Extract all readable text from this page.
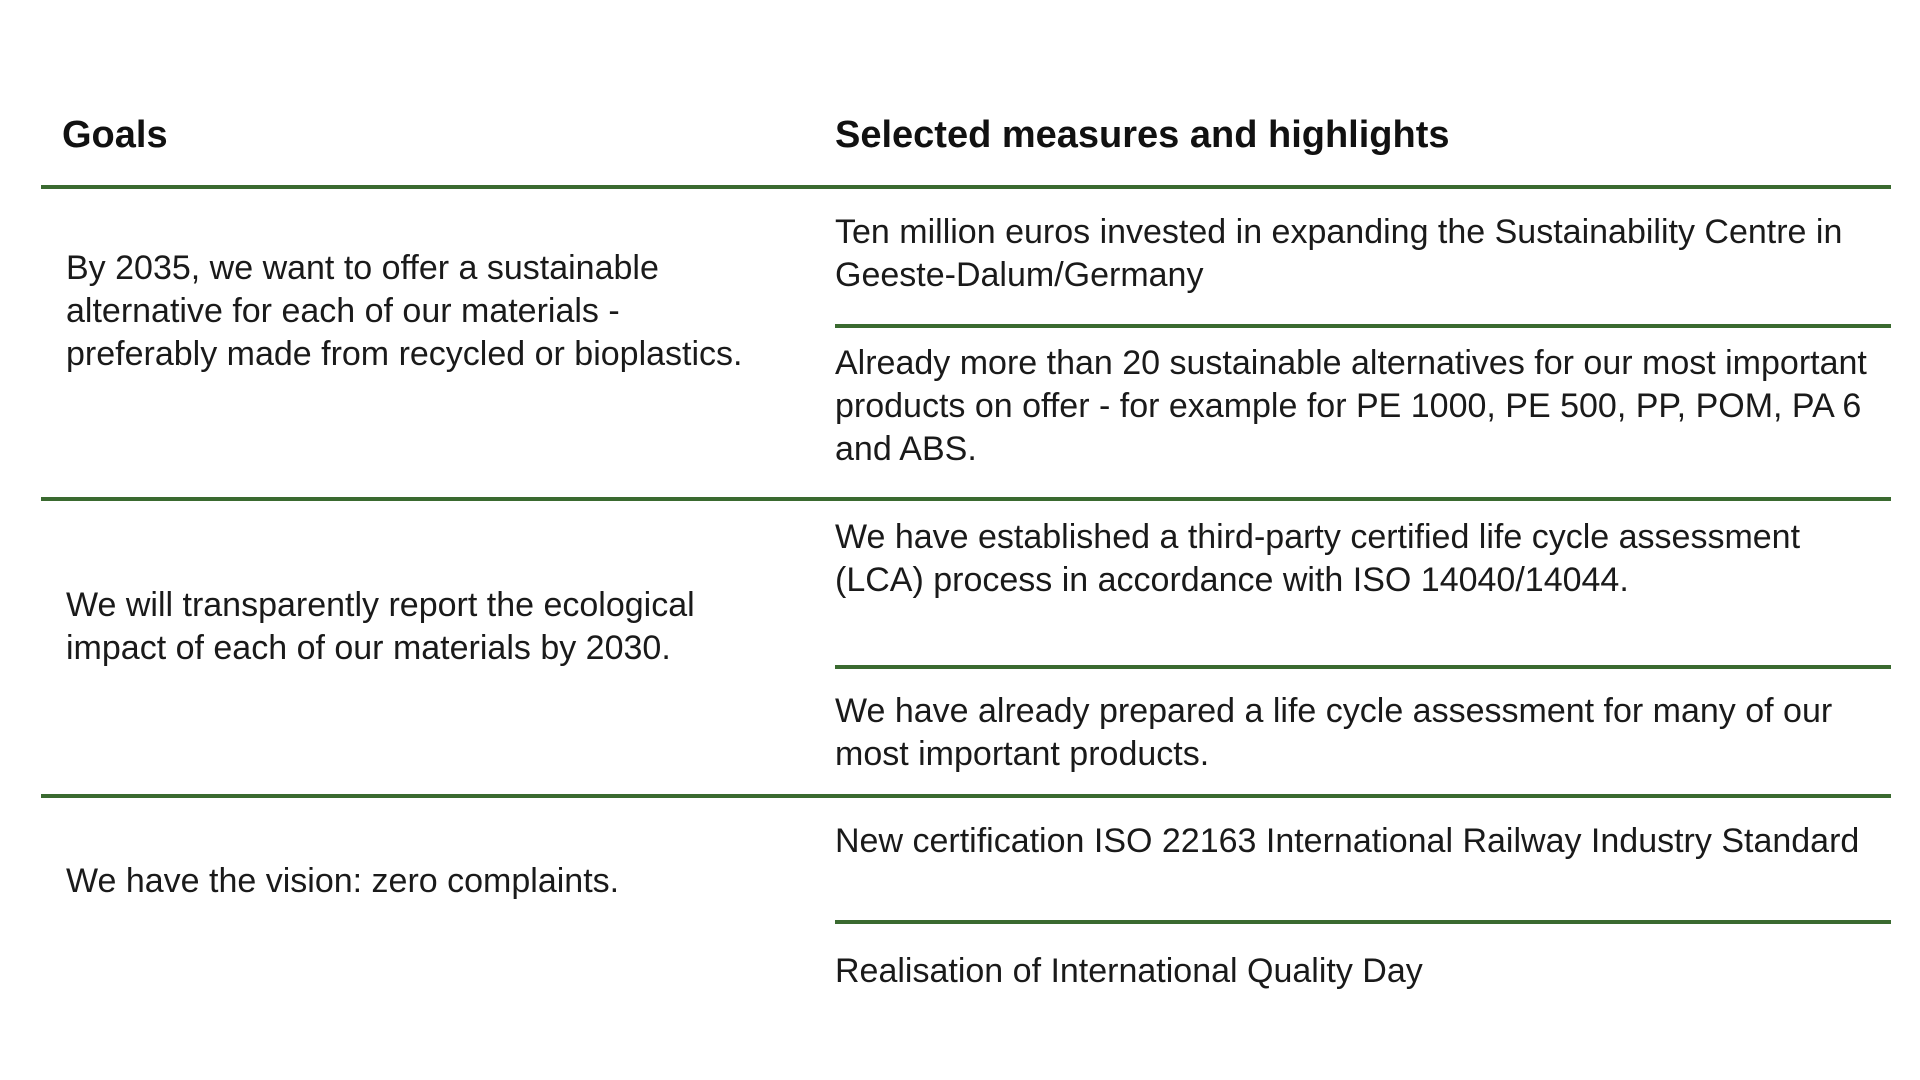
Goals	Selected measures and highlights
By 2035, we want to offer a sustainable alternative for each of our materials - preferably made from recycled or bioplastics.
Ten million euros invested in expanding the Sustainability Centre in Geeste-Dalum/Germany
Already more than 20 sustainable alternatives for our most important products on offer - for example for PE 1000, PE 500, PP, POM, PA 6 and ABS.
We will transparently report the ecological impact of each of our materials by 2030.
We have established a third-party certified life cycle assessment (LCA) process in accordance with ISO 14040/14044.
We have already prepared a life cycle assessment for many of our most important products.
We have the vision: zero complaints.
New certification ISO 22163 International Railway Industry Standard
Realisation of International Quality Day
